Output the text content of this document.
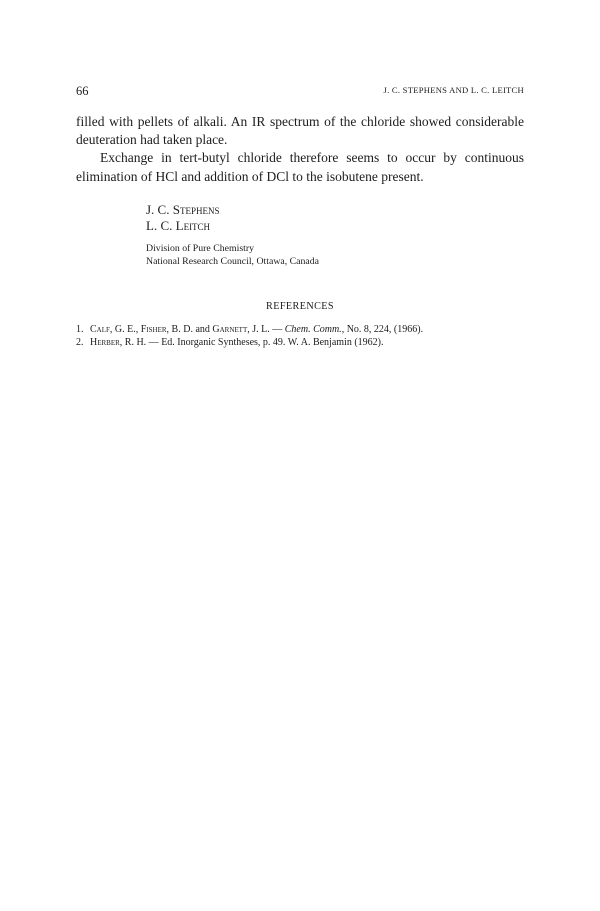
66	J. C. STEPHENS AND L. C. LEITCH

filled with pellets of alkali. An IR spectrum of the chloride showed considerable deuteration had taken place.

Exchange in tert-butyl chloride therefore seems to occur by continuous elimination of HCl and addition of DCl to the isobutene present.

J. C. Stephens
L. C. Leitch
Division of Pure Chemistry
National Research Council, Ottawa, Canada
REFERENCES
1. Calf, G. E., Fisher, B. D. and Garnett, J. L. — Chem. Comm., No. 8, 224, (1966).
2. Herber, R. H. — Ed. Inorganic Syntheses, p. 49. W. A. Benjamin (1962).
